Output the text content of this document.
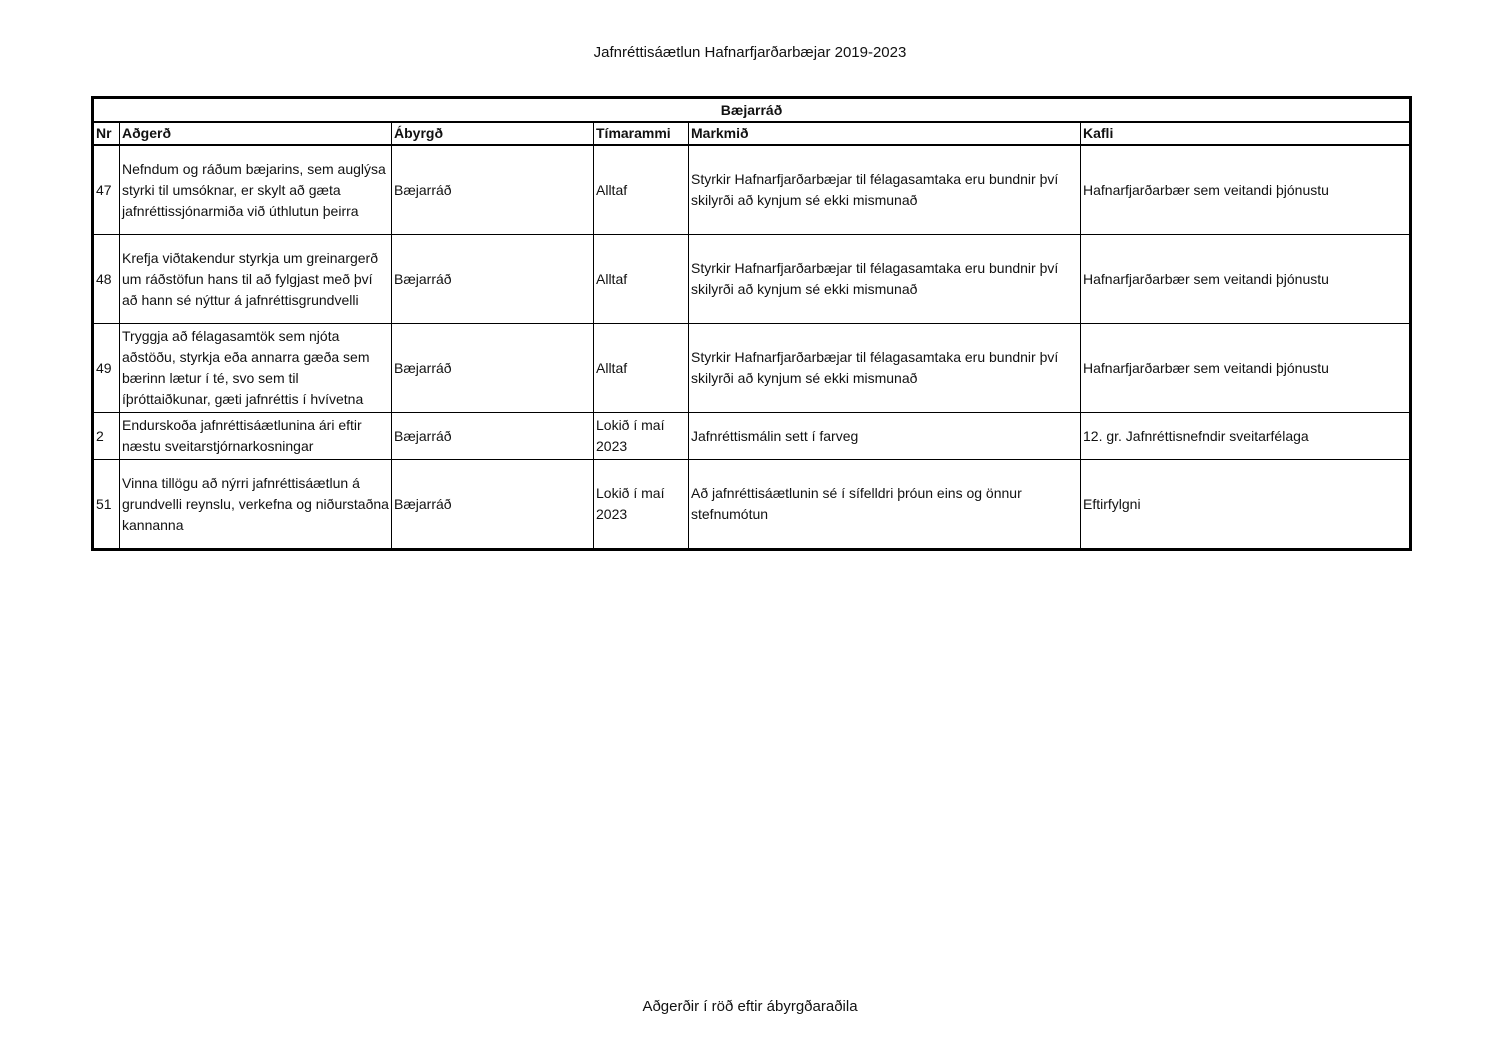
Jafnréttisáætlun Hafnarfjarðarbæjar 2019-2023
Bæjarráð					
Nr	Aðgerð	Ábyrgð	Tímarammi	Markmið	Kafli
47	Nefndum og ráðum bæjarins, sem auglýsa styrki til umsóknar, er skylt að gæta jafnréttissjónarmiða við úthlutun þeirra	Bæjarráð	Alltaf	Styrkir Hafnarfjarðarbæjar til félagasamtaka eru bundnir því skilyrði að kynjum sé ekki mismunað	Hafnarfjarðarbær sem veitandi þjónustu
48	Krefja viðtakendur styrkja um greinargerð um ráðstöfun hans til að fylgjast með því að hann sé nýttur á jafnréttisgrundvelli	Bæjarráð	Alltaf	Styrkir Hafnarfjarðarbæjar til félagasamtaka eru bundnir því skilyrði að kynjum sé ekki mismunað	Hafnarfjarðarbær sem veitandi þjónustu
49	Tryggja að félagasamtök sem njóta aðstöðu, styrkja eða annarra gæða sem bærinn lætur í té, svo sem til íþróttaiðkunar, gæti jafnréttis í hvívetna	Bæjarráð	Alltaf	Styrkir Hafnarfjarðarbæjar til félagasamtaka eru bundnir því skilyrði að kynjum sé ekki mismunað	Hafnarfjarðarbær sem veitandi þjónustu
2	Endurskoða jafnréttisáætlunina ári eftir næstu sveitarstjórnarkosningar	Bæjarráð	Lokið í maí 2023	Jafnréttismálin sett í farveg	12. gr. Jafnréttisnefndir sveitarfélaga
51	Vinna tillögu að nýrri jafnréttisáætlun á grundvelli reynslu, verkefna og niðurstaðna kannanna	Bæjarráð	Lokið í maí 2023	Að jafnréttisáætlunin sé í sífelldri þróun eins og önnur stefnumótun	Eftirfylgni
Aðgerðir í röð eftir ábyrgðaraðila
